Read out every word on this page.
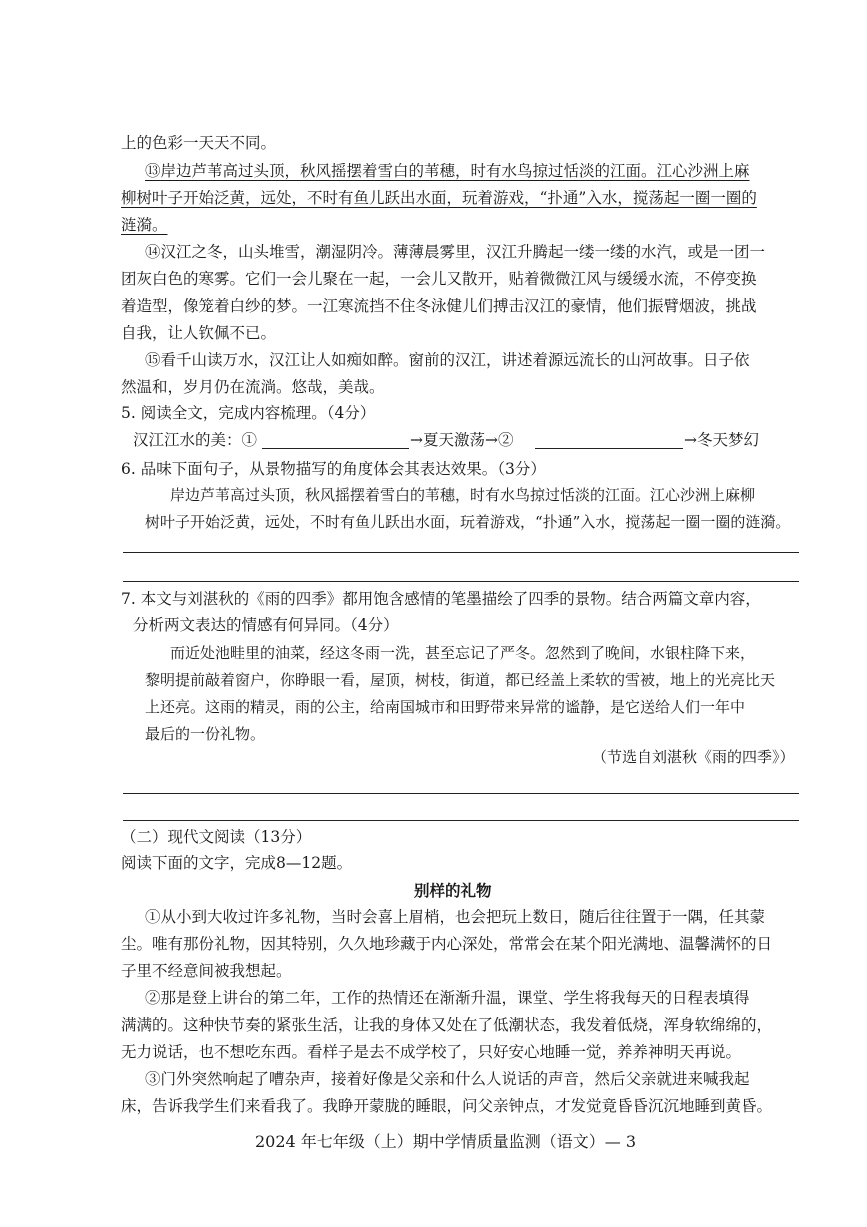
上的色彩一天天不同。
⑬岸边芦苇高过头顶，秋风摇摆着雪白的苇穗，时有水鸟掠过恬淡的江面。江心沙洲上麻
柳树叶子开始泛黄，远处，不时有鱼儿跃出水面，玩着游戏，“扑通”入水，搅荡起一圈一圈的
涟漪。
⑭汉江之冬，山头堆雪，潮湿阴冷。薄薄晨雾里，汉江升腾起一缕一缕的水汽，或是一团一
团灰白色的寒雾。它们一会儿聚在一起，一会儿又散开，贴着微微江风与缓缓水流，不停变换
着造型，像笼着白纱的梦。一江寒流挡不住冬泳健儿们搏击汉江的豪情，他们振臂烟波，挑战
自我，让人钦佩不已。
⑮看千山读万水，汉江让人如痴如醉。窗前的汉江，讲述着源远流长的山河故事。日子依
然温和，岁月仍在流淌。悠哉，美哉。
5. 阅读全文，完成内容梳理。（4分）
汉江江水的美：①	→夏天激荡→②	→冬天梦幻
6. 品味下面句子，从景物描写的角度体会其表达效果。（3分）
岸边芦苇高过头顶，秋风摇摆着雪白的苇穗，时有水鸟掠过恬淡的江面。江心沙洲上麻柳
树叶子开始泛黄，远处，不时有鱼儿跃出水面，玩着游戏，“扑通”入水，搅荡起一圈一圈的涟漪。
7. 本文与刘湛秋的《雨的四季》都用饱含感情的笔墨描绘了四季的景物。结合两篇文章内容，
分析两文表达的情感有何异同。（4分）
而近处池畦里的油菜，经这冬雨一洗，甚至忘记了严冬。忽然到了晚间，水银柱降下来，
黎明提前敲着窗户，你睁眼一看，屋顶，树枝，街道，都已经盖上柔软的雪被，地上的光亮比天
上还亮。这雨的精灵，雨的公主，给南国城市和田野带来异常的谧静，是它送给人们一年中
最后的一份礼物。
（节选自刘湛秋《雨的四季》）
（二）现代文阅读（13分）
阅读下面的文字，完成8—12题。
别样的礼物
①从小到大收过许多礼物，当时会喜上眉梢，也会把玩上数日，随后往往置于一隅，任其蒙
尘。唯有那份礼物，因其特别，久久地珍藏于内心深处，常常会在某个阳光满地、温馨满怀的日
子里不经意间被我想起。
②那是登上讲台的第二年，工作的热情还在渐渐升温，课堂、学生将我每天的日程表填得
满满的。这种快节奏的紧张生活，让我的身体又处在了低潮状态，我发着低烧，浑身软绵绵的，
无力说话，也不想吃东西。看样子是去不成学校了，只好安心地睡一觉，养养神明天再说。
③门外突然响起了嘈杂声，接着好像是父亲和什么人说话的声音，然后父亲就进来喊我起
床，告诉我学生们来看我了。我睁开蒙胧的睡眼，问父亲钟点，才发觉竟昏昏沉沉地睡到黄昏。
2024 年七年级（上）期中学情质量监测（语文）— 3
